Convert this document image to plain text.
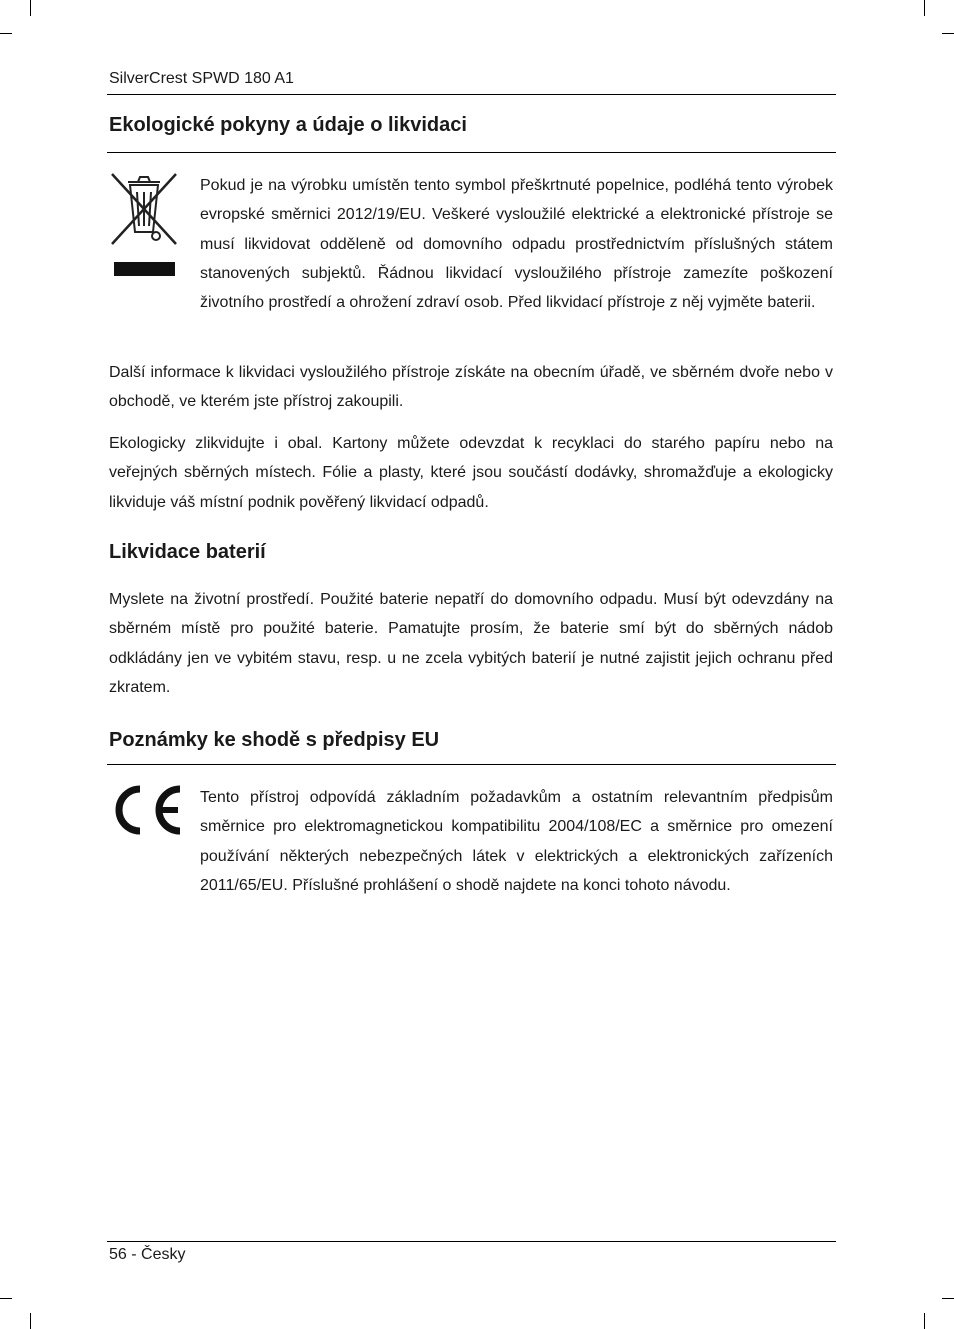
SilverCrest SPWD 180 A1
Ekologické pokyny a údaje o likvidaci

Pokud je na výrobku umístěn tento symbol přeškrtnuté popelnice, podléhá tento výrobek evropské směrnici 2012/19/EU. Veškeré vysloužilé elektrické a elektronické přístroje se musí likvidovat odděleně od domovního odpadu prostřednictvím příslušných státem stanovených subjektů. Řádnou likvidací vysloužilého přístroje zamezíte poškození životního prostředí a ohrožení zdraví osob. Před likvidací přístroje z něj vyjměte baterii.

Další informace k likvidaci vysloužilého přístroje získáte na obecním úřadě, ve sběrném dvoře nebo v obchodě, ve kterém jste přístroj zakoupili.

Ekologicky zlikvidujte i obal. Kartony můžete odevzdat k recyklaci do starého papíru nebo na veřejných sběrných místech. Fólie a plasty, které jsou součástí dodávky, shromažďuje a ekologicky likviduje váš místní podnik pověřený likvidací odpadů.

Likvidace baterií

Myslete na životní prostředí. Použité baterie nepatří do domovního odpadu. Musí být odevzdány na sběrném místě pro použité baterie. Pamatujte prosím, že baterie smí být do sběrných nádob odkládány jen ve vybitém stavu, resp. u ne zcela vybitých baterií je nutné zajistit jejich ochranu před zkratem.

Poznámky ke shodě s předpisy EU

Tento přístroj odpovídá základním požadavkům a ostatním relevantním předpisům směrnice pro elektromagnetickou kompatibilitu 2004/108/EC a směrnice pro omezení používání některých nebezpečných látek v elektrických a elektronických zařízeních 2011/65/EU. Příslušné prohlášení o shodě najdete na konci tohoto návodu.

56 - Česky
